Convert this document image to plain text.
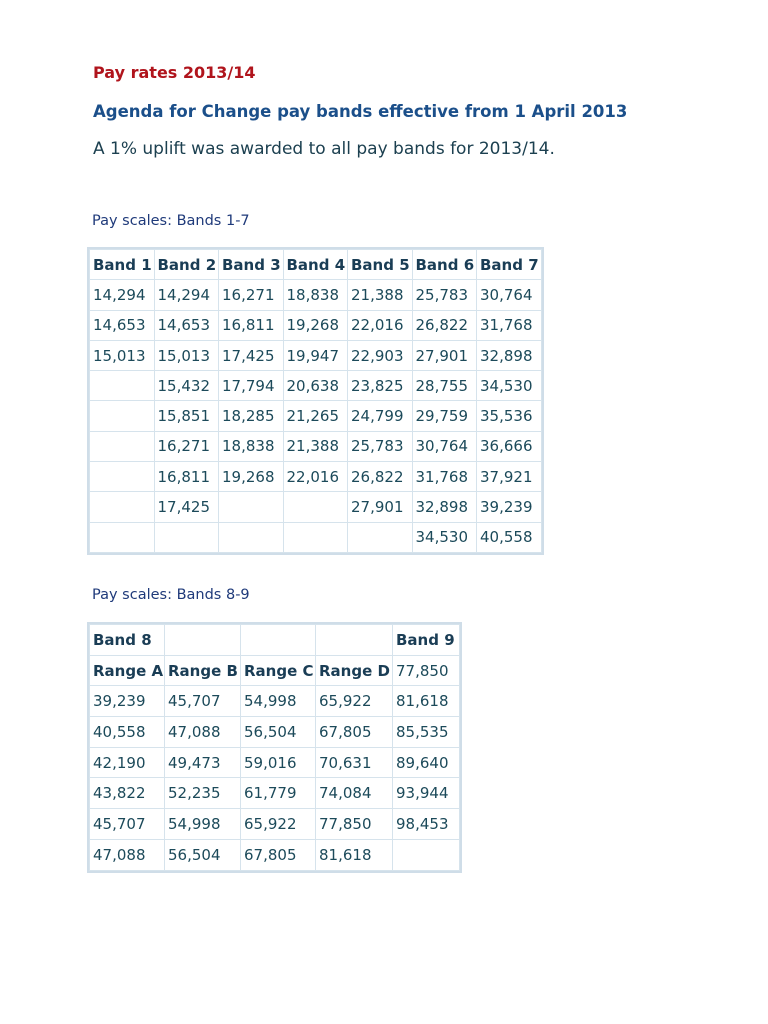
Pay rates 2013/14
Agenda for Change pay bands effective from 1 April 2013
A 1% uplift was awarded to all pay bands for 2013/14.
Pay scales: Bands 1-7
Band 1	Band 2	Band 3	Band 4	Band 5	Band 6	Band 7
14,294	14,294	16,271	18,838	21,388	25,783	30,764
14,653	14,653	16,811	19,268	22,016	26,822	31,768
15,013	15,013	17,425	19,947	22,903	27,901	32,898
	15,432	17,794	20,638	23,825	28,755	34,530
	15,851	18,285	21,265	24,799	29,759	35,536
	16,271	18,838	21,388	25,783	30,764	36,666
	16,811	19,268	22,016	26,822	31,768	37,921
	17,425			27,901	32,898	39,239
					34,530	40,558
Pay scales: Bands 8-9
Band 8				Band 9
Range A	Range B	Range C	Range D	77,850
39,239	45,707	54,998	65,922	81,618
40,558	47,088	56,504	67,805	85,535
42,190	49,473	59,016	70,631	89,640
43,822	52,235	61,779	74,084	93,944
45,707	54,998	65,922	77,850	98,453
47,088	56,504	67,805	81,618	
